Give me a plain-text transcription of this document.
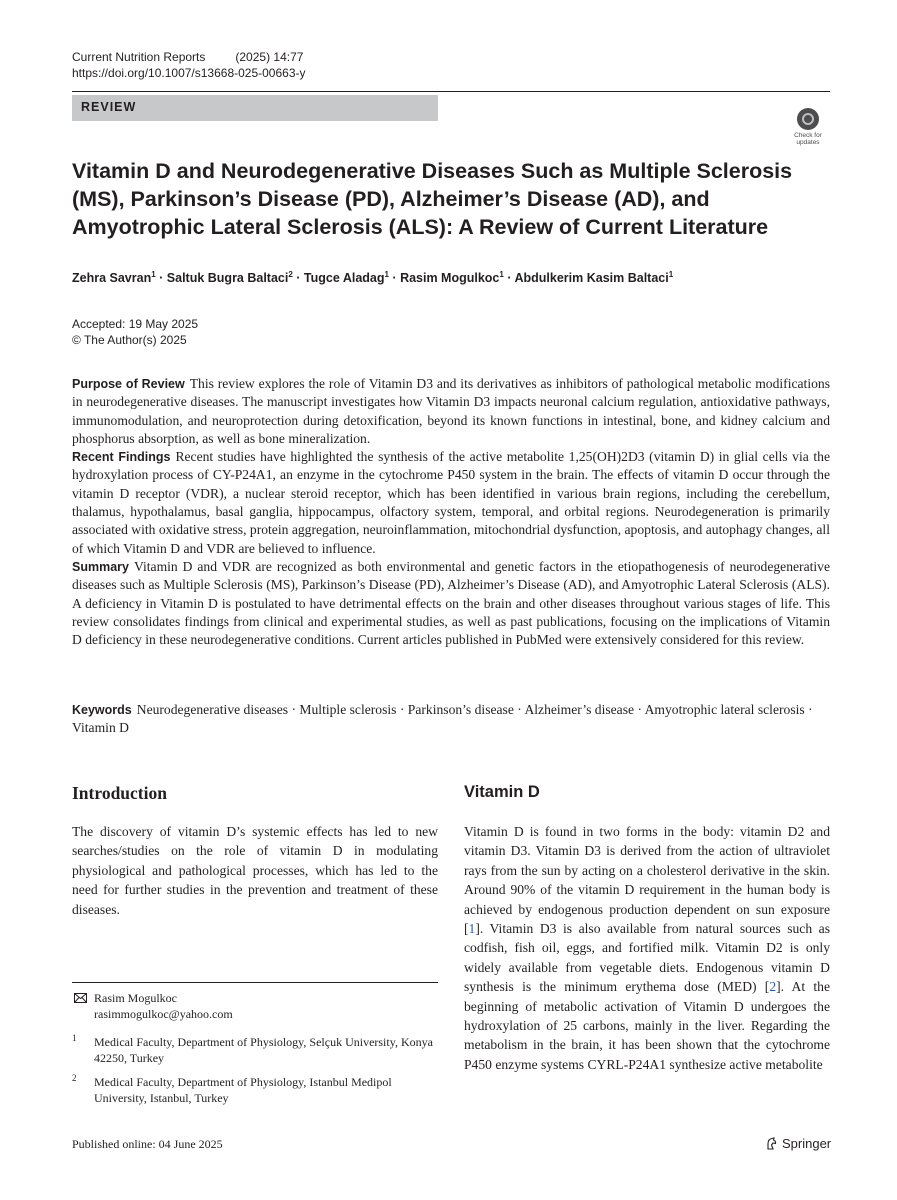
Current Nutrition Reports	(2025) 14:77
https://doi.org/10.1007/s13668-025-00663-y
REVIEW
Check for updates
Vitamin D and Neurodegenerative Diseases Such as Multiple Sclerosis (MS), Parkinson’s Disease (PD), Alzheimer’s Disease (AD), and Amyotrophic Lateral Sclerosis (ALS): A Review of Current Literature
Zehra Savran$^1$ · Saltuk Bugra Baltaci$^2$ · Tugce Aladag$^1$ · Rasim Mogulkoc$^1$ · Abdulkerim Kasim Baltaci$^1$
Accepted: 19 May 2025
© The Author(s) 2025

Purpose of Review This review explores the role of Vitamin D3 and its derivatives as inhibitors of pathological metabolic modifications in neurodegenerative diseases. The manuscript investigates how Vitamin D3 impacts neuronal calcium regulation, antioxidative pathways, immunomodulation, and neuroprotection during detoxification, beyond its known functions in intestinal, bone, and kidney calcium and phosphorus absorption, as well as bone mineralization.

Recent Findings Recent studies have highlighted the synthesis of the active metabolite 1,25(OH)2D3 (vitamin D) in glial cells via the hydroxylation process of CY-P24A1, an enzyme in the cytochrome P450 system in the brain. The effects of vitamin D occur through the vitamin D receptor (VDR), a nuclear steroid receptor, which has been identified in various brain regions, including the cerebellum, thalamus, hypothalamus, basal ganglia, hippocampus, olfactory system, temporal, and orbital regions. Neurodegeneration is primarily associated with oxidative stress, protein aggregation, neuroinflammation, mitochondrial dysfunction, apoptosis, and autophagy changes, all of which Vitamin D and VDR are believed to influence.

Summary Vitamin D and VDR are recognized as both environmental and genetic factors in the etiopathogenesis of neurodegenerative diseases such as Multiple Sclerosis (MS), Parkinson’s Disease (PD), Alzheimer’s Disease (AD), and Amyotrophic Lateral Sclerosis (ALS). A deficiency in Vitamin D is postulated to have detrimental effects on the brain and other diseases throughout various stages of life. This review consolidates findings from clinical and experimental studies, as well as past publications, focusing on the implications of Vitamin D deficiency in these neurodegenerative conditions. Current articles published in PubMed were extensively considered for this review.

Keywords Neurodegenerative diseases · Multiple sclerosis · Parkinson’s disease · Alzheimer’s disease · Amyotrophic lateral sclerosis · Vitamin D
Introduction
The discovery of vitamin D’s systemic effects has led to new searches/studies on the role of vitamin D in modulating physiological and pathological processes, which has led to the need for further studies in the prevention and treatment of these diseases.
Vitamin D
Vitamin D is found in two forms in the body: vitamin D2 and vitamin D3. Vitamin D3 is derived from the action of ultraviolet rays from the sun by acting on a cholesterol derivative in the skin. Around 90% of the vitamin D requirement in the human body is achieved by endogenous production dependent on sun exposure [1]. Vitamin D3 is also available from natural sources such as codfish, fish oil, eggs, and fortified milk. Vitamin D2 is only widely available from vegetable diets. Endogenous vitamin D synthesis is the minimum erythema dose (MED) [2]. At the beginning of metabolic activation of Vitamin D undergoes the hydroxylation of 25 carbons, mainly in the liver. Regarding the metabolism in the brain, it has been shown that the cytochrome P450 enzyme systems CYRL-P24A1 synthesize active metabolite
Rasim Mogulkoc
rasimmogulkoc@yahoo.com
1 Medical Faculty, Department of Physiology, Selçuk University, Konya 42250, Turkey
2 Medical Faculty, Department of Physiology, Istanbul Medipol University, Istanbul, Turkey
Published online: 04 June 2025	Springer
